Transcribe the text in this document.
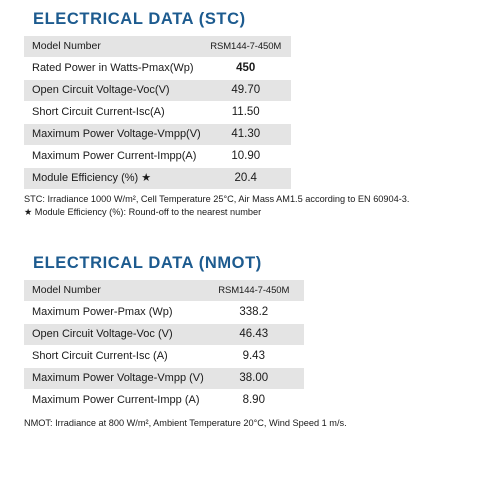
ELECTRICAL DATA (STC)
Model Number	RSM144-7-450M
Rated Power in Watts-Pmax(Wp)	450
Open Circuit Voltage-Voc(V)	49.70
Short Circuit Current-Isc(A)	11.50
Maximum Power Voltage-Vmpp(V)	41.30
Maximum Power Current-Impp(A)	10.90
Module Efficiency (%) ★	20.4
STC: Irradiance 1000 W/m², Cell Temperature 25°C, Air Mass AM1.5 according to EN 60904-3.
★ Module Efficiency (%): Round-off to the nearest number
ELECTRICAL DATA (NMOT)
Model Number	RSM144-7-450M
Maximum Power-Pmax (Wp)	338.2
Open Circuit Voltage-Voc (V)	46.43
Short Circuit Current-Isc (A)	9.43
Maximum Power Voltage-Vmpp (V)	38.00
Maximum Power Current-Impp (A)	8.90
NMOT: Irradiance at 800 W/m², Ambient Temperature 20°C, Wind Speed 1 m/s.
